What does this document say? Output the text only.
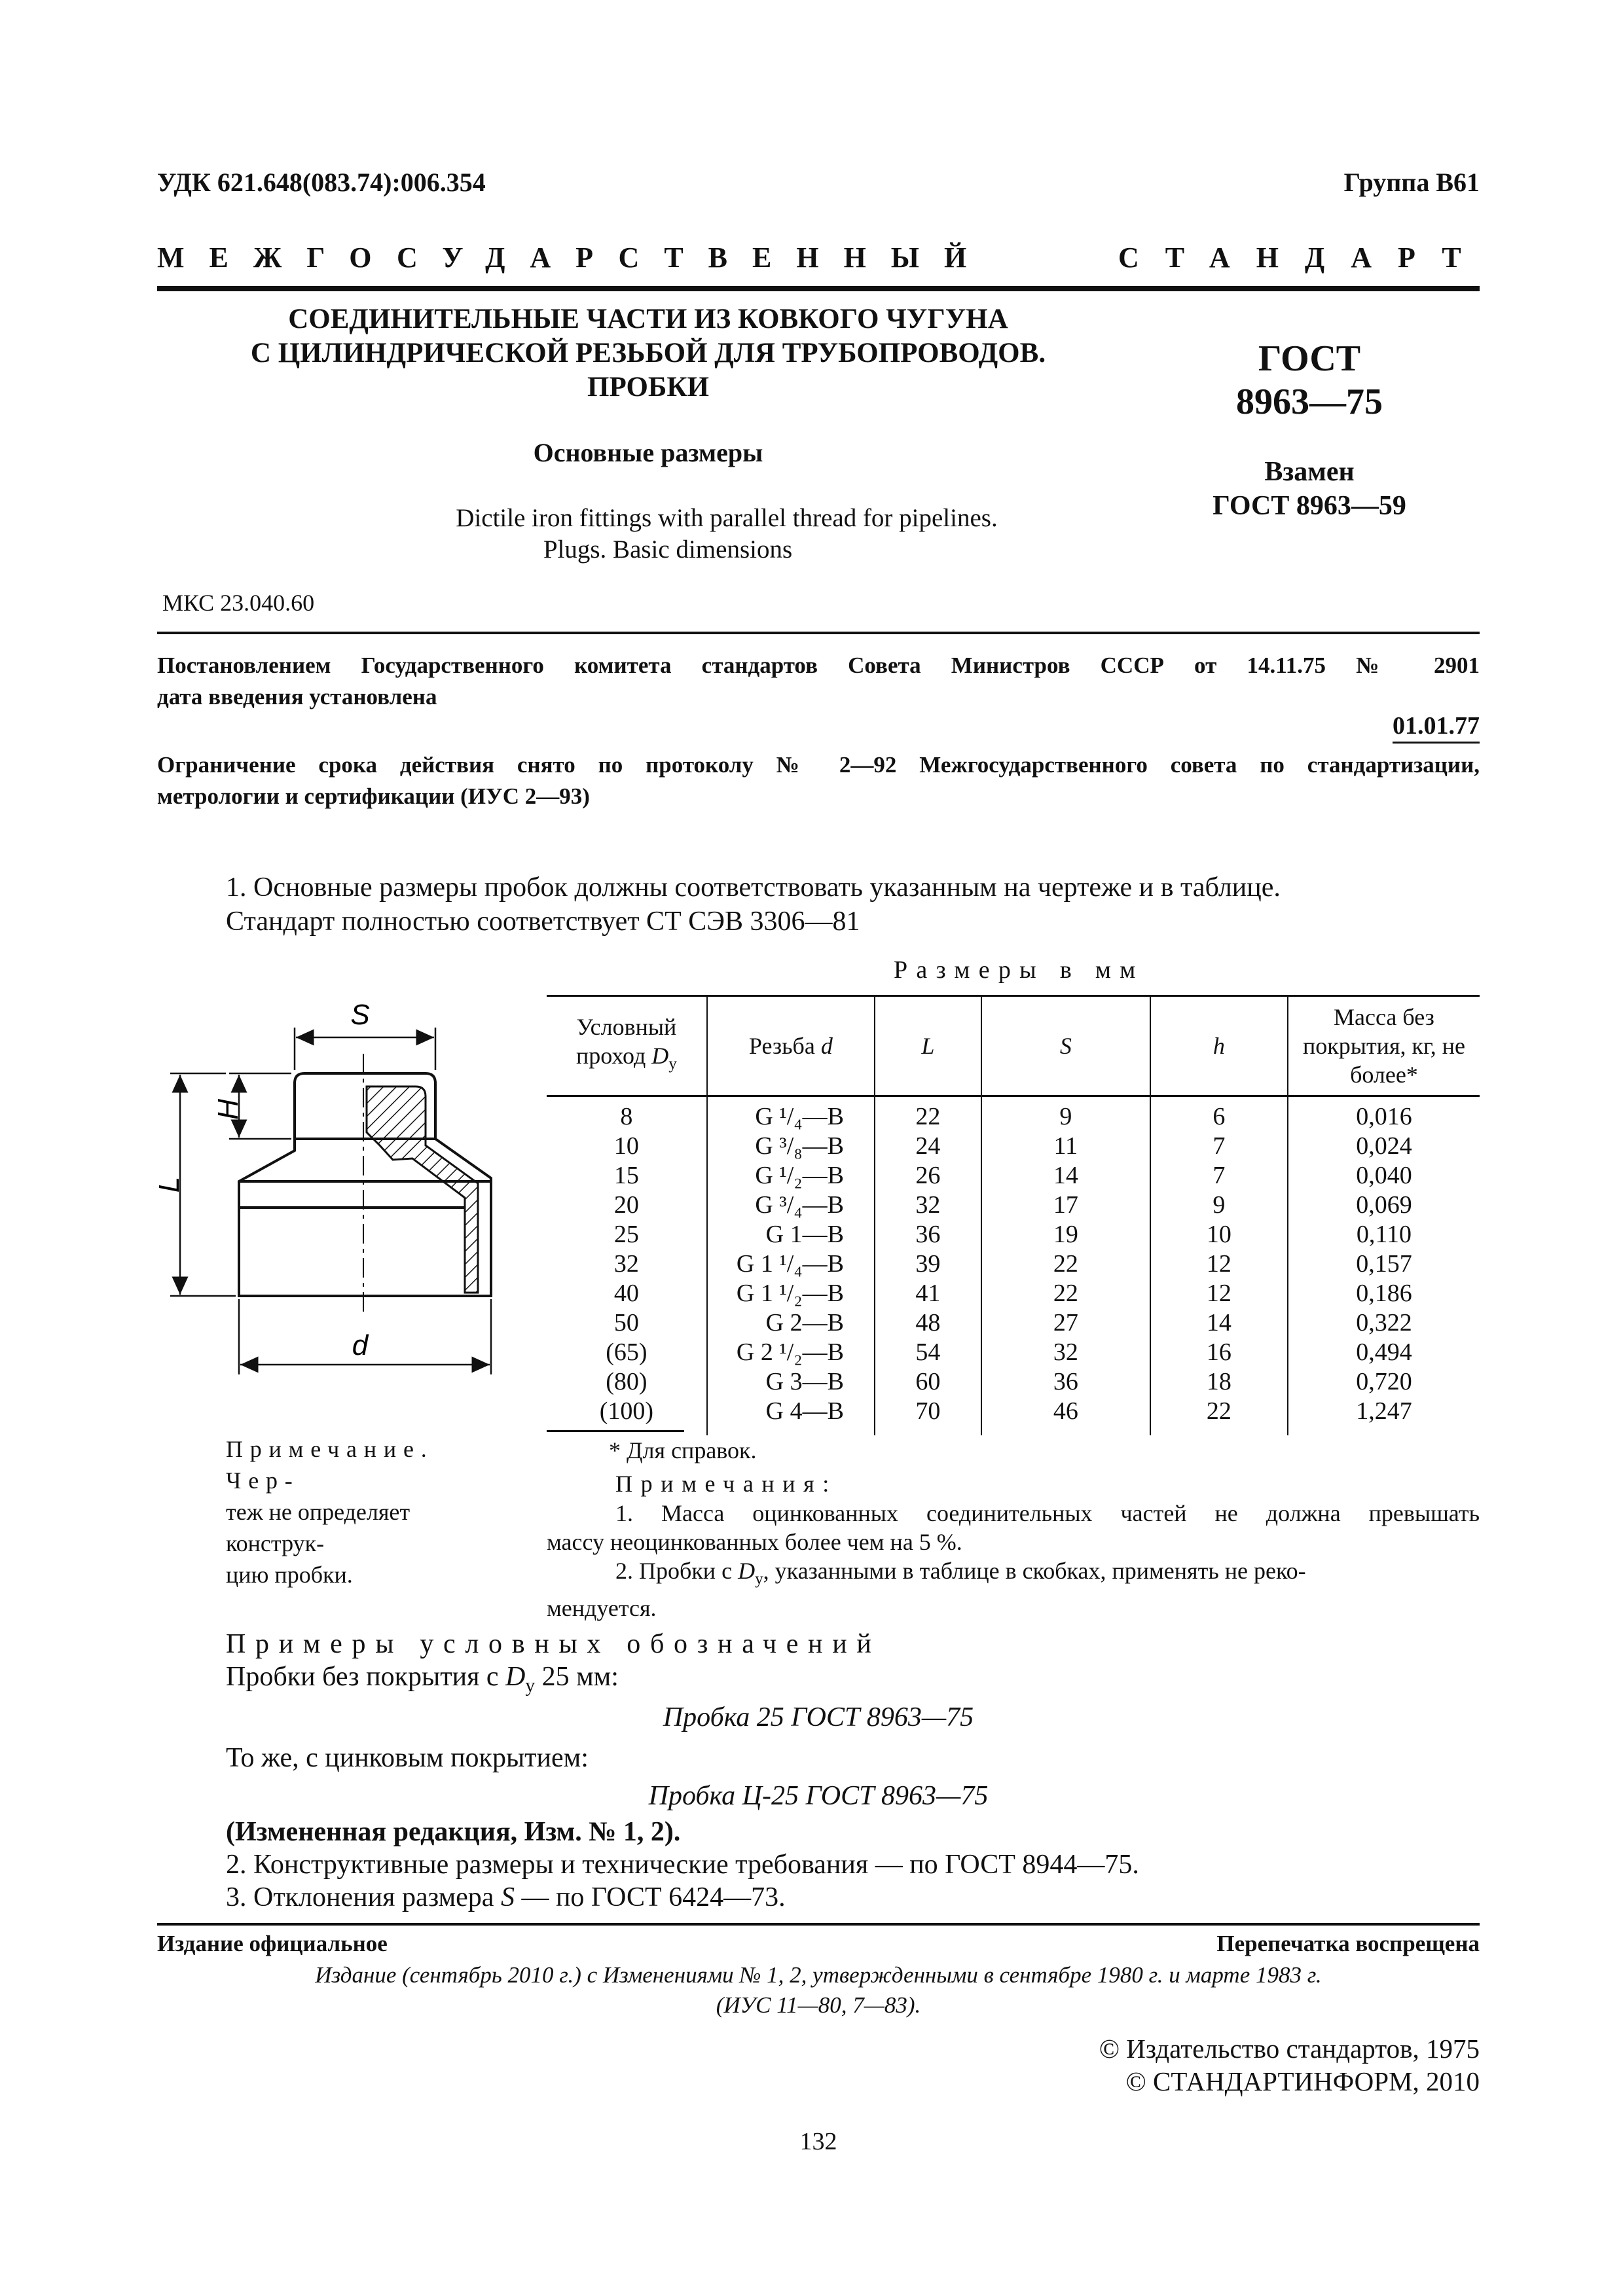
УДК 621.648(083.74):006.354	Группа В61
МЕЖГОСУДАРСТВЕННЫЙ	СТАНДАРТ
СОЕДИНИТЕЛЬНЫЕ ЧАСТИ ИЗ КОВКОГО ЧУГУНА
С ЦИЛИНДРИЧЕСКОЙ РЕЗЬБОЙ ДЛЯ ТРУБОПРОВОДОВ.
ПРОБКИ
Основные размеры
Dictile iron fittings with parallel thread for pipelines.
Plugs. Basic dimensions
ГОСТ
8963—75
Взамен
ГОСТ 8963—59
МКС 23.040.60
Постановлением Государственного комитета стандартов Совета Министров СССР от 14.11.75 № 2901
дата введения установлена
01.01.77
Ограничение срока действия снято по протоколу № 2—92 Межгосударственного совета по стандартизации,
метрологии и сертификации (ИУС 2—93)
1. Основные размеры пробок должны соответствовать указанным на чертеже и в таблице.
Стандарт полностью соответствует СТ СЭВ 3306—81
Размеры в мм
Условный проход $D_у$	Резьба d	L	S	h	Масса без покрытия, кг, не более*
8	G ¹/₄—B	22	9	6	0,016
10	G ³/₈—B	24	11	7	0,024
15	G ¹/₂—B	26	14	7	0,040
20	G ³/₄—B	32	17	9	0,069
25	G 1—B	36	19	10	0,110
32	G 1 ¹/₄—B	39	22	12	0,157
40	G 1 ¹/₂—B	41	22	12	0,186
50	G 2—B	48	27	14	0,322
(65)	G 2 ¹/₂—B	54	32	16	0,494
(80)	G 3—B	60	36	18	0,720
(100)	G 4—B	70	46	22	1,247
* Для справок.
S
H
L
d
Примечание. Чер-
теж не определяет конструк-
цию пробки.
Примечания:
1. Масса оцинкованных соединительных частей не должна превышать
массу неоцинкованных более чем на 5 %.
2. Пробки с $D_у$, указанными в таблице в скобках, применять не реко-
мендуется.
Примеры условных обозначений
Пробки без покрытия с $D_у$ 25 мм:
Пробка 25 ГОСТ 8963—75
То же, с цинковым покрытием:
Пробка Ц-25 ГОСТ 8963—75
(Измененная редакция, Изм. № 1, 2).
2. Конструктивные размеры и технические требования — по ГОСТ 8944—75.
3. Отклонения размера S — по ГОСТ 6424—73.
Издание официальное	Перепечатка воспрещена
Издание (сентябрь 2010 г.) с Изменениями № 1, 2, утвержденными в сентябре 1980 г. и марте 1983 г.
(ИУС 11—80, 7—83).
© Издательство стандартов, 1975
© СТАНДАРТИНФОРМ, 2010
132
